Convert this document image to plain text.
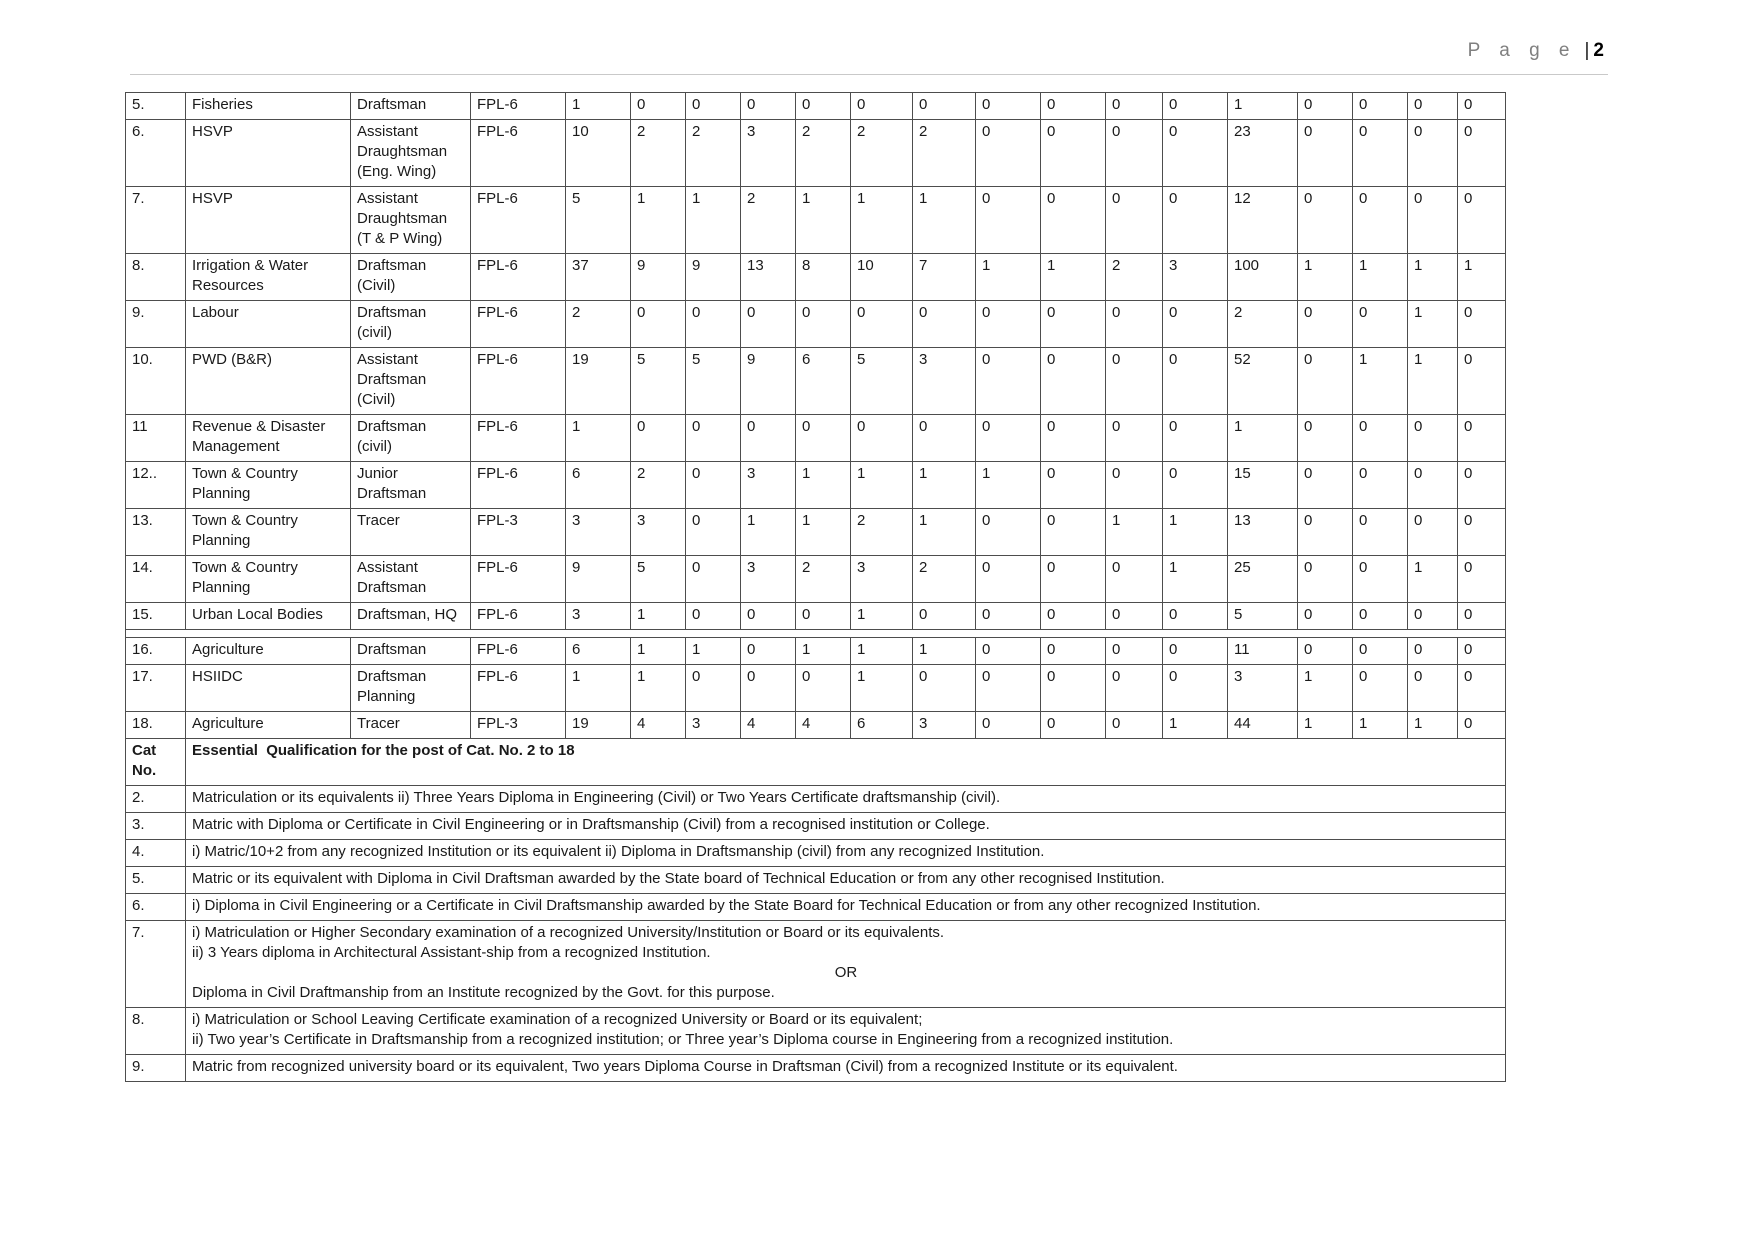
P a g e | 2
5.	Fisheries	Draftsman	FPL-6	1	0	0	0	0	0	0	0	0	0	0	1	0	0	0	0
6.	HSVP	Assistant Draughtsman (Eng. Wing)	FPL-6	10	2	2	3	2	2	2	0	0	0	0	23	0	0	0	0
7.	HSVP	Assistant Draughtsman (T & P Wing)	FPL-6	5	1	1	2	1	1	1	0	0	0	0	12	0	0	0	0
8.	Irrigation & Water Resources	Draftsman (Civil)	FPL-6	37	9	9	13	8	10	7	1	1	2	3	100	1	1	1	1
9.	Labour	Draftsman (civil)	FPL-6	2	0	0	0	0	0	0	0	0	0	0	2	0	0	1	0
10.	PWD (B&R)	Assistant Draftsman (Civil)	FPL-6	19	5	5	9	6	5	3	0	0	0	0	52	0	1	1	0
11	Revenue & Disaster Management	Draftsman (civil)	FPL-6	1	0	0	0	0	0	0	0	0	0	0	1	0	0	0	0
12..	Town & Country Planning	Junior Draftsman	FPL-6	6	2	0	3	1	1	1	1	0	0	0	15	0	0	0	0
13.	Town & Country Planning	Tracer	FPL-3	3	3	0	1	1	2	1	0	0	1	1	13	0	0	0	0
14.	Town & Country Planning	Assistant Draftsman	FPL-6	9	5	0	3	2	3	2	0	0	0	1	25	0	0	1	0
15.	Urban Local Bodies	Draftsman, HQ	FPL-6	3	1	0	0	0	1	0	0	0	0	0	5	0	0	0	0

16.	Agriculture	Draftsman	FPL-6	6	1	1	0	1	1	1	0	0	0	0	11	0	0	0	0
17.	HSIIDC	Draftsman Planning	FPL-6	1	1	0	0	0	1	0	0	0	0	0	3	1	0	0	0
18.	Agriculture	Tracer	FPL-3	19	4	3	4	4	6	3	0	0	0	1	44	1	1	1	0

Cat
No.	Essential  Qualification for the post of Cat. No. 2 to 18																		
2.	Matriculation or its equivalents ii) Three Years Diploma in Engineering (Civil) or Two Years Certificate draftsmanship (civil).																		

3.	Matric with Diploma or Certificate in Civil Engineering or in Draftsmanship (Civil) from a recognised institution or College.																		

4.	i) Matric/10+2 from any recognized Institution or its equivalent ii) Diploma in Draftsmanship (civil) from any recognized Institution.																		

5.	Matric or its equivalent with Diploma in Civil Draftsman awarded by the State board of Technical Education or from any other recognised Institution.																		

6.	i) Diploma in Civil Engineering or a Certificate in Civil Draftsmanship awarded by the State Board for Technical Education or from any other recognized Institution.																		

7.	i) Matriculation or Higher Secondary examination of a recognized University/Institution or Board or its equivalents.
ii) 3 Years diploma in Architectural Assistant-ship from a recognized Institution.
OR
Diploma in Civil Draftmanship from an Institute recognized by the Govt. for this purpose.																		

8.	i) Matriculation or School Leaving Certificate examination of a recognized University or Board or its equivalent;
ii) Two year’s Certificate in Draftsmanship from a recognized institution; or Three year’s Diploma course in Engineering from a recognized institution.																		

9.	Matric from recognized university board or its equivalent, Two years Diploma Course in Draftsman (Civil) from a recognized Institute or its equivalent.																		
